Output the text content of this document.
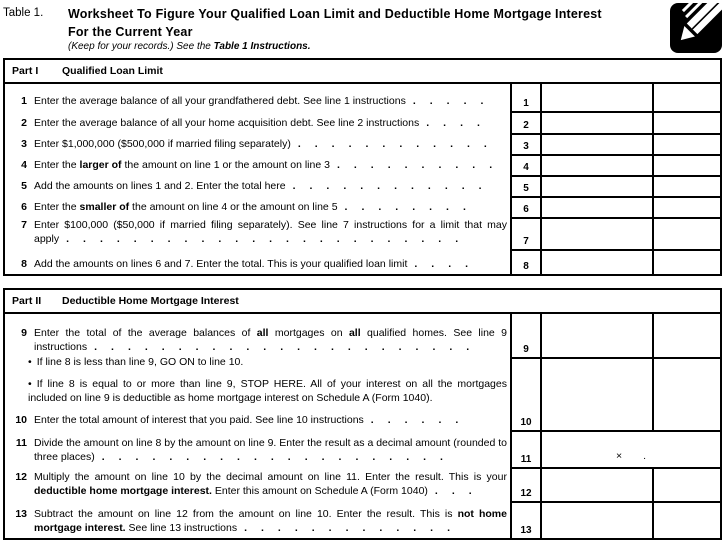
Table 1. Worksheet To Figure Your Qualified Loan Limit and Deductible Home Mortgage Interest For the Current Year
(Keep for your records.) See the Table 1 Instructions.
Part I	Qualified Loan Limit
1 Enter the average balance of all your grandfathered debt. See line 1 instructions .....	1
2 Enter the average balance of all your home acquisition debt. See line 2 instructions ....	2
3 Enter $1,000,000 ($500,000 if married filing separately) ............	3
4 Enter the larger of the amount on line 1 or the amount on line 3 ..........	4
5 Add the amounts on lines 1 and 2. Enter the total here ............	5
6 Enter the smaller of the amount on line 4 or the amount on line 5 ........	6
7 Enter $100,000 ($50,000 if married filing separately). See line 7 instructions for a limit that may apply ........................	7
8 Add the amounts on lines 6 and 7. Enter the total. This is your qualified loan limit ....	8
Part II	Deductible Home Mortgage Interest
9 Enter the total of the average balances of all mortgages on all qualified homes. See line 9 instructions .......................	9
• If line 8 is less than line 9, GO ON to line 10.
• If line 8 is equal to or more than line 9, STOP HERE. All of your interest on all the mortgages included on line 9 is deductible as home mortgage interest on Schedule A (Form 1040).
10 Enter the total amount of interest that you paid. See line 10 instructions ......	10
11 Divide the amount on line 8 by the amount on line 9. Enter the result as a decimal amount (rounded to three places) .....................	11	× .
12 Multiply the amount on line 10 by the decimal amount on line 11. Enter the result. This is your deductible home mortgage interest. Enter this amount on Schedule A (Form 1040) ...	12
13 Subtract the amount on line 12 from the amount on line 10. Enter the result. This is not home mortgage interest. See line 13 instructions .............	13
